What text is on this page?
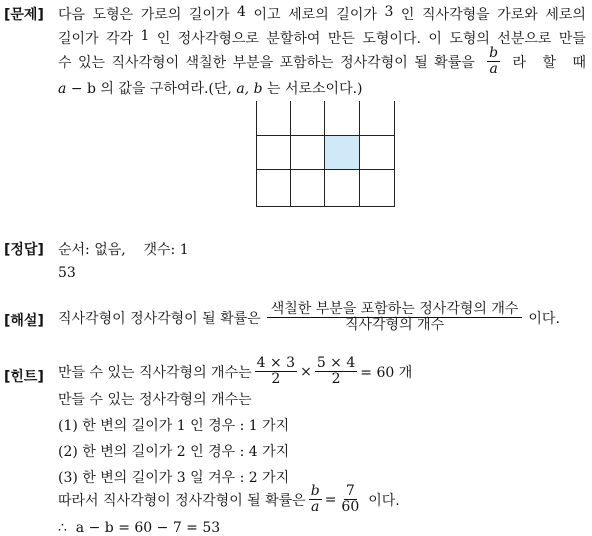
[문제] 다음 도형은 가로의 길이가 4 이고 세로의 길이가 3 인 직사각형을 가로와 세로의
길이가 각각 1 인 정사각형으로 분할하여 만든 도형이다. 이 도형의 선분으로 만들
수 있는 직사각형이 색칠한 부분을 포함하는 정사각형이 될 확률을 $\frac{b}{a}$ 라 할 때
a − b 의 값을 구하여라.(단, a, b 는 서로소이다.)
[정답] 순서: 없음,    갯수: 1
53
[해설] 직사각형이 정사각형이 될 확률은 $\frac{\text{색칠한 부분을 포함하는 정사각형의 개수}}{\text{직사각형의 개수}}$ 이다.
[힌트] 만들 수 있는 직사각형의 개수는 $\frac{4 \times 3}{2} \times \frac{5 \times 4}{2} = 60$ 개
만들 수 있는 정사각형의 개수는
(1) 한 변의 길이가 1 인 경우 : 1 가지
(2) 한 변의 길이가 2 인 경우 : 4 가지
(3) 한 변의 길이가 3 일 겨우 : 2 가지
따라서 직사각형이 정사각형이 될 확률은 $\frac{b}{a} = \frac{7}{60}$ 이다.
∴  a − b = 60 − 7 = 53
